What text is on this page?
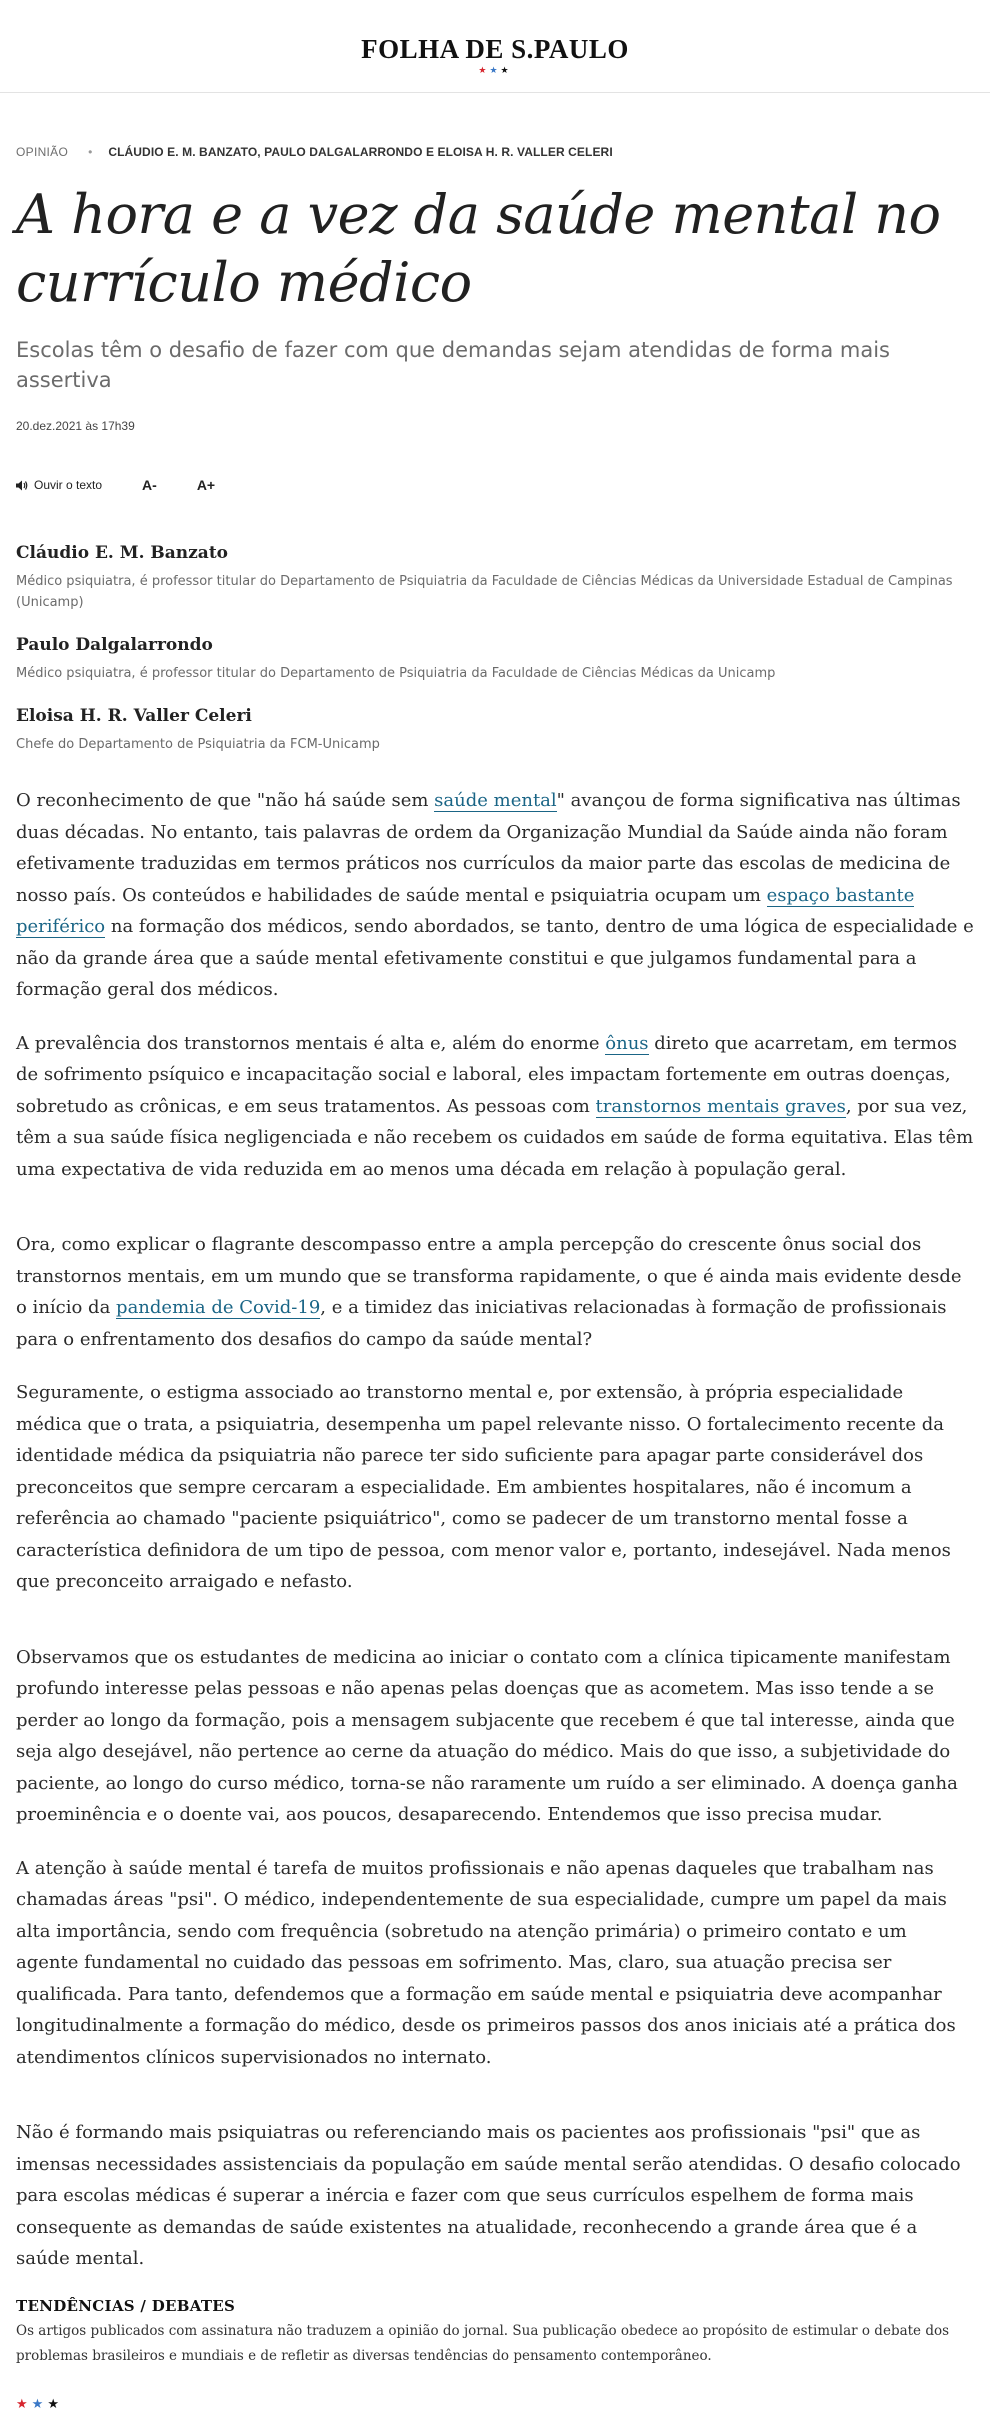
FOLHA DE S.PAULO
★★★
OPINIÃO • CLÁUDIO E. M. BANZATO, PAULO DALGALARRONDO E ELOISA H. R. VALLER CELERI
A hora e a vez da saúde mental no currículo médico
Escolas têm o desafio de fazer com que demandas sejam atendidas de forma mais assertiva
20.dez.2021 às 17h39
Ouvir o texto	A-	A+
Cláudio E. M. Banzato
Médico psiquiatra, é professor titular do Departamento de Psiquiatria da Faculdade de Ciências Médicas da Universidade Estadual de Campinas (Unicamp)
Paulo Dalgalarrondo
Médico psiquiatra, é professor titular do Departamento de Psiquiatria da Faculdade de Ciências Médicas da Unicamp
Eloisa H. R. Valler Celeri
Chefe do Departamento de Psiquiatria da FCM-Unicamp

O reconhecimento de que "não há saúde sem saúde mental" avançou de forma significativa nas últimas duas décadas. No entanto, tais palavras de ordem da Organização Mundial da Saúde ainda não foram efetivamente traduzidas em termos práticos nos currículos da maior parte das escolas de medicina de nosso país. Os conteúdos e habilidades de saúde mental e psiquiatria ocupam um espaço bastante periférico na formação dos médicos, sendo abordados, se tanto, dentro de uma lógica de especialidade e não da grande área que a saúde mental efetivamente constitui e que julgamos fundamental para a formação geral dos médicos.

A prevalência dos transtornos mentais é alta e, além do enorme ônus direto que acarretam, em termos de sofrimento psíquico e incapacitação social e laboral, eles impactam fortemente em outras doenças, sobretudo as crônicas, e em seus tratamentos. As pessoas com transtornos mentais graves, por sua vez, têm a sua saúde física negligenciada e não recebem os cuidados em saúde de forma equitativa. Elas têm uma expectativa de vida reduzida em ao menos uma década em relação à população geral.

Ora, como explicar o flagrante descompasso entre a ampla percepção do crescente ônus social dos transtornos mentais, em um mundo que se transforma rapidamente, o que é ainda mais evidente desde o início da pandemia de Covid-19, e a timidez das iniciativas relacionadas à formação de profissionais para o enfrentamento dos desafios do campo da saúde mental?

Seguramente, o estigma associado ao transtorno mental e, por extensão, à própria especialidade médica que o trata, a psiquiatria, desempenha um papel relevante nisso. O fortalecimento recente da identidade médica da psiquiatria não parece ter sido suficiente para apagar parte considerável dos preconceitos que sempre cercaram a especialidade. Em ambientes hospitalares, não é incomum a referência ao chamado "paciente psiquiátrico", como se padecer de um transtorno mental fosse a característica definidora de um tipo de pessoa, com menor valor e, portanto, indesejável. Nada menos que preconceito arraigado e nefasto.

Observamos que os estudantes de medicina ao iniciar o contato com a clínica tipicamente manifestam profundo interesse pelas pessoas e não apenas pelas doenças que as acometem. Mas isso tende a se perder ao longo da formação, pois a mensagem subjacente que recebem é que tal interesse, ainda que seja algo desejável, não pertence ao cerne da atuação do médico. Mais do que isso, a subjetividade do paciente, ao longo do curso médico, torna-se não raramente um ruído a ser eliminado. A doença ganha proeminência e o doente vai, aos poucos, desaparecendo. Entendemos que isso precisa mudar.

A atenção à saúde mental é tarefa de muitos profissionais e não apenas daqueles que trabalham nas chamadas áreas "psi". O médico, independentemente de sua especialidade, cumpre um papel da mais alta importância, sendo com frequência (sobretudo na atenção primária) o primeiro contato e um agente fundamental no cuidado das pessoas em sofrimento. Mas, claro, sua atuação precisa ser qualificada. Para tanto, defendemos que a formação em saúde mental e psiquiatria deve acompanhar longitudinalmente a formação do médico, desde os primeiros passos dos anos iniciais até a prática dos atendimentos clínicos supervisionados no internato.

Não é formando mais psiquiatras ou referenciando mais os pacientes aos profissionais "psi" que as imensas necessidades assistenciais da população em saúde mental serão atendidas. O desafio colocado para escolas médicas é superar a inércia e fazer com que seus currículos espelhem de forma mais consequente as demandas de saúde existentes na atualidade, reconhecendo a grande área que é a saúde mental.

TENDÊNCIAS / DEBATES
Os artigos publicados com assinatura não traduzem a opinião do jornal. Sua publicação obedece ao propósito de estimular o debate dos problemas brasileiros e mundiais e de refletir as diversas tendências do pensamento contemporâneo.
★★★
